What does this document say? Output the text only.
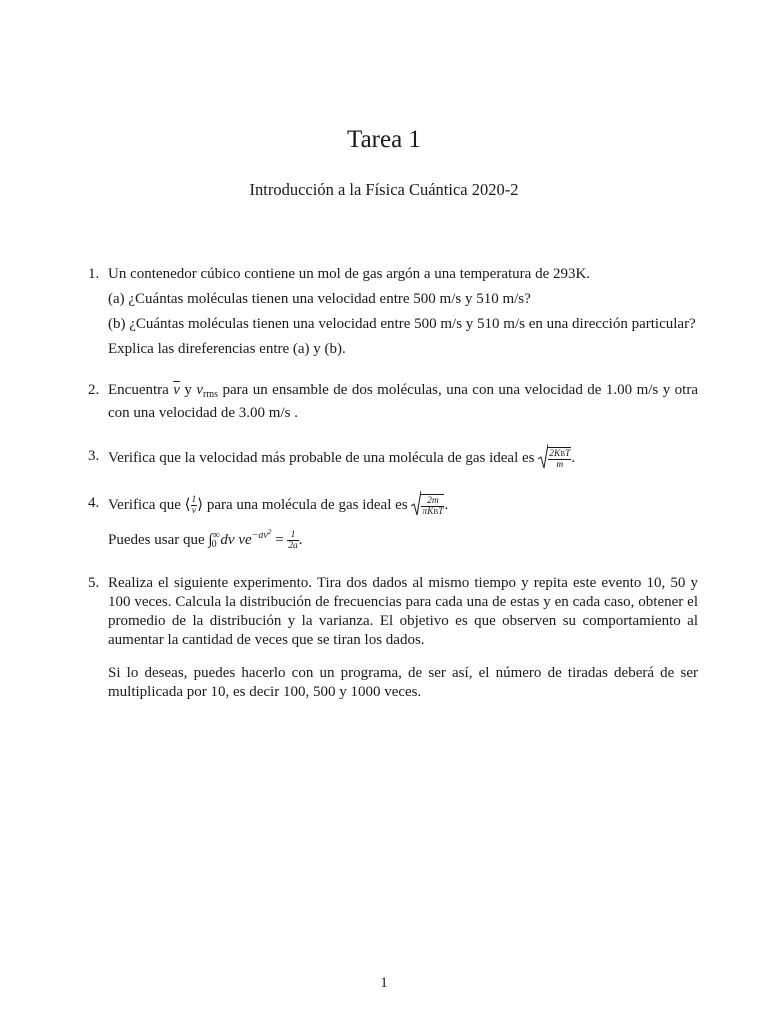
Tarea 1
Introducción a la Física Cuántica 2020-2
1. Un contenedor cúbico contiene un mol de gas argón a una temperatura de 293K.

(a) ¿Cuántas moléculas tienen una velocidad entre 500 m/s y 510 m/s?

(b) ¿Cuántas moléculas tienen una velocidad entre 500 m/s y 510 m/s en una dirección particular?

Explica las direferencias entre (a) y (b).

2. Encuentra $\overline{v}$ y $v_{rms}$ para un ensamble de dos moléculas, una con una velocidad de 1.00 m/s y otra con una velocidad de 3.00 m/s .

3. Verifica que la velocidad más probable de una molécula de gas ideal es $\frac{\text{2KBT}}{m}$ .

4. Verifica que ⟨ $\frac{1}{v}$ ⟩ para una molécula de gas ideal es $\frac{2m}{\text{πKBT}}$ .

Puedes usar que $\int^\infty_0$ dv $ve^{-av^2} = \frac{1}{2a}$ .

5. Realiza el siguiente experimento. Tira dos dados al mismo tiempo y repita este evento 10, 50 y 100 veces. Calcula la distribución de frecuencias para cada una de estas y en cada caso, obtener el promedio de la distribución y la varianza. El objetivo es que observen su comportamiento al aumentar la cantidad de veces que se tiran los dados.

Si lo deseas, puedes hacerlo con un programa, de ser así, el número de tiradas deberá de ser multiplicada por 10, es decir 100, 500 y 1000 veces.

1
